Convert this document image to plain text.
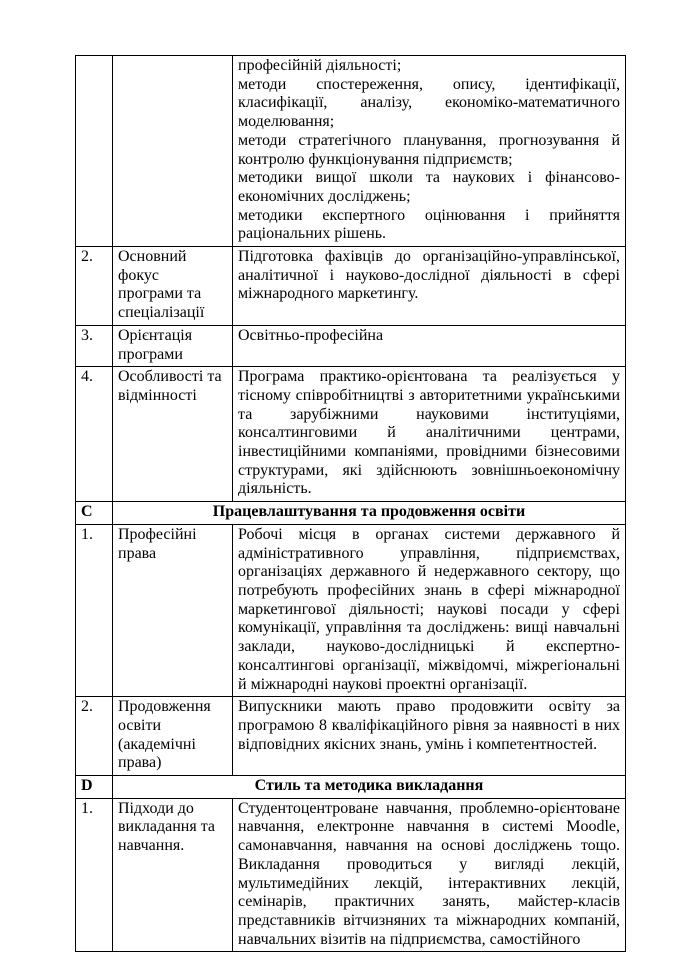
		професійній діяльності;

методи спостереження, опису, ідентифікації, класифікації, аналізу, економіко-математичного моделювання;

методи стратегічного планування, прогнозування й контролю функціонування підприємств;

методики вищої школи та наукових і фінансово-економічних досліджень;

методики експертного оцінювання і прийняття раціональних рішень.

2.	Основний фокус програми та спеціалізації	Підготовка фахівців до організаційно-управлінської, аналітичної і науково-дослідної діяльності в сфері міжнародного маркетингу.

3.	Орієнтація програми	Освітньо-професійна

4.	Особливості та відмінності	Програма практико-орієнтована та реалізується у тісному співробітництві з авторитетними українськими та зарубіжними науковими інституціями, консалтинговими й аналітичними центрами, інвестиційними компаніями, провідними бізнесовими структурами, які здійснюють зовнішньоекономічну діяльність.

C	Працевлаштування та продовження освіти	
1.	Професійні права	Робочі місця в органах системи державного й адміністративного управління, підприємствах, організаціях державного й недержавного сектору, що потребують професійних знань в сфері міжнародної маркетингової діяльності; наукові посади у сфері комунікації, управління та досліджень: вищі навчальні заклади, науково-дослідницькі й експертно-консалтингові організації, міжвідомчі, міжрегіональні й міжнародні наукові проектні організації.

2.	Продовження освіти (академічні права)	Випускники мають право продовжити освіту за програмою 8 кваліфікаційного рівня за наявності в них відповідних якісних знань, умінь і компетентностей.

D	Стиль та методика викладання	
1.	Підходи до викладання та навчання.	Студентоцентроване навчання, проблемно-орієнтоване навчання, електронне навчання в системі Moodle, самонавчання, навчання на основі досліджень тощо. Викладання проводиться у вигляді лекцій, мультимедійних лекцій, інтерактивних лекцій, семінарів, практичних занять, майстер-класів представників вітчизняних та міжнародних компаній, навчальних візитів на підприємства, самостійного
